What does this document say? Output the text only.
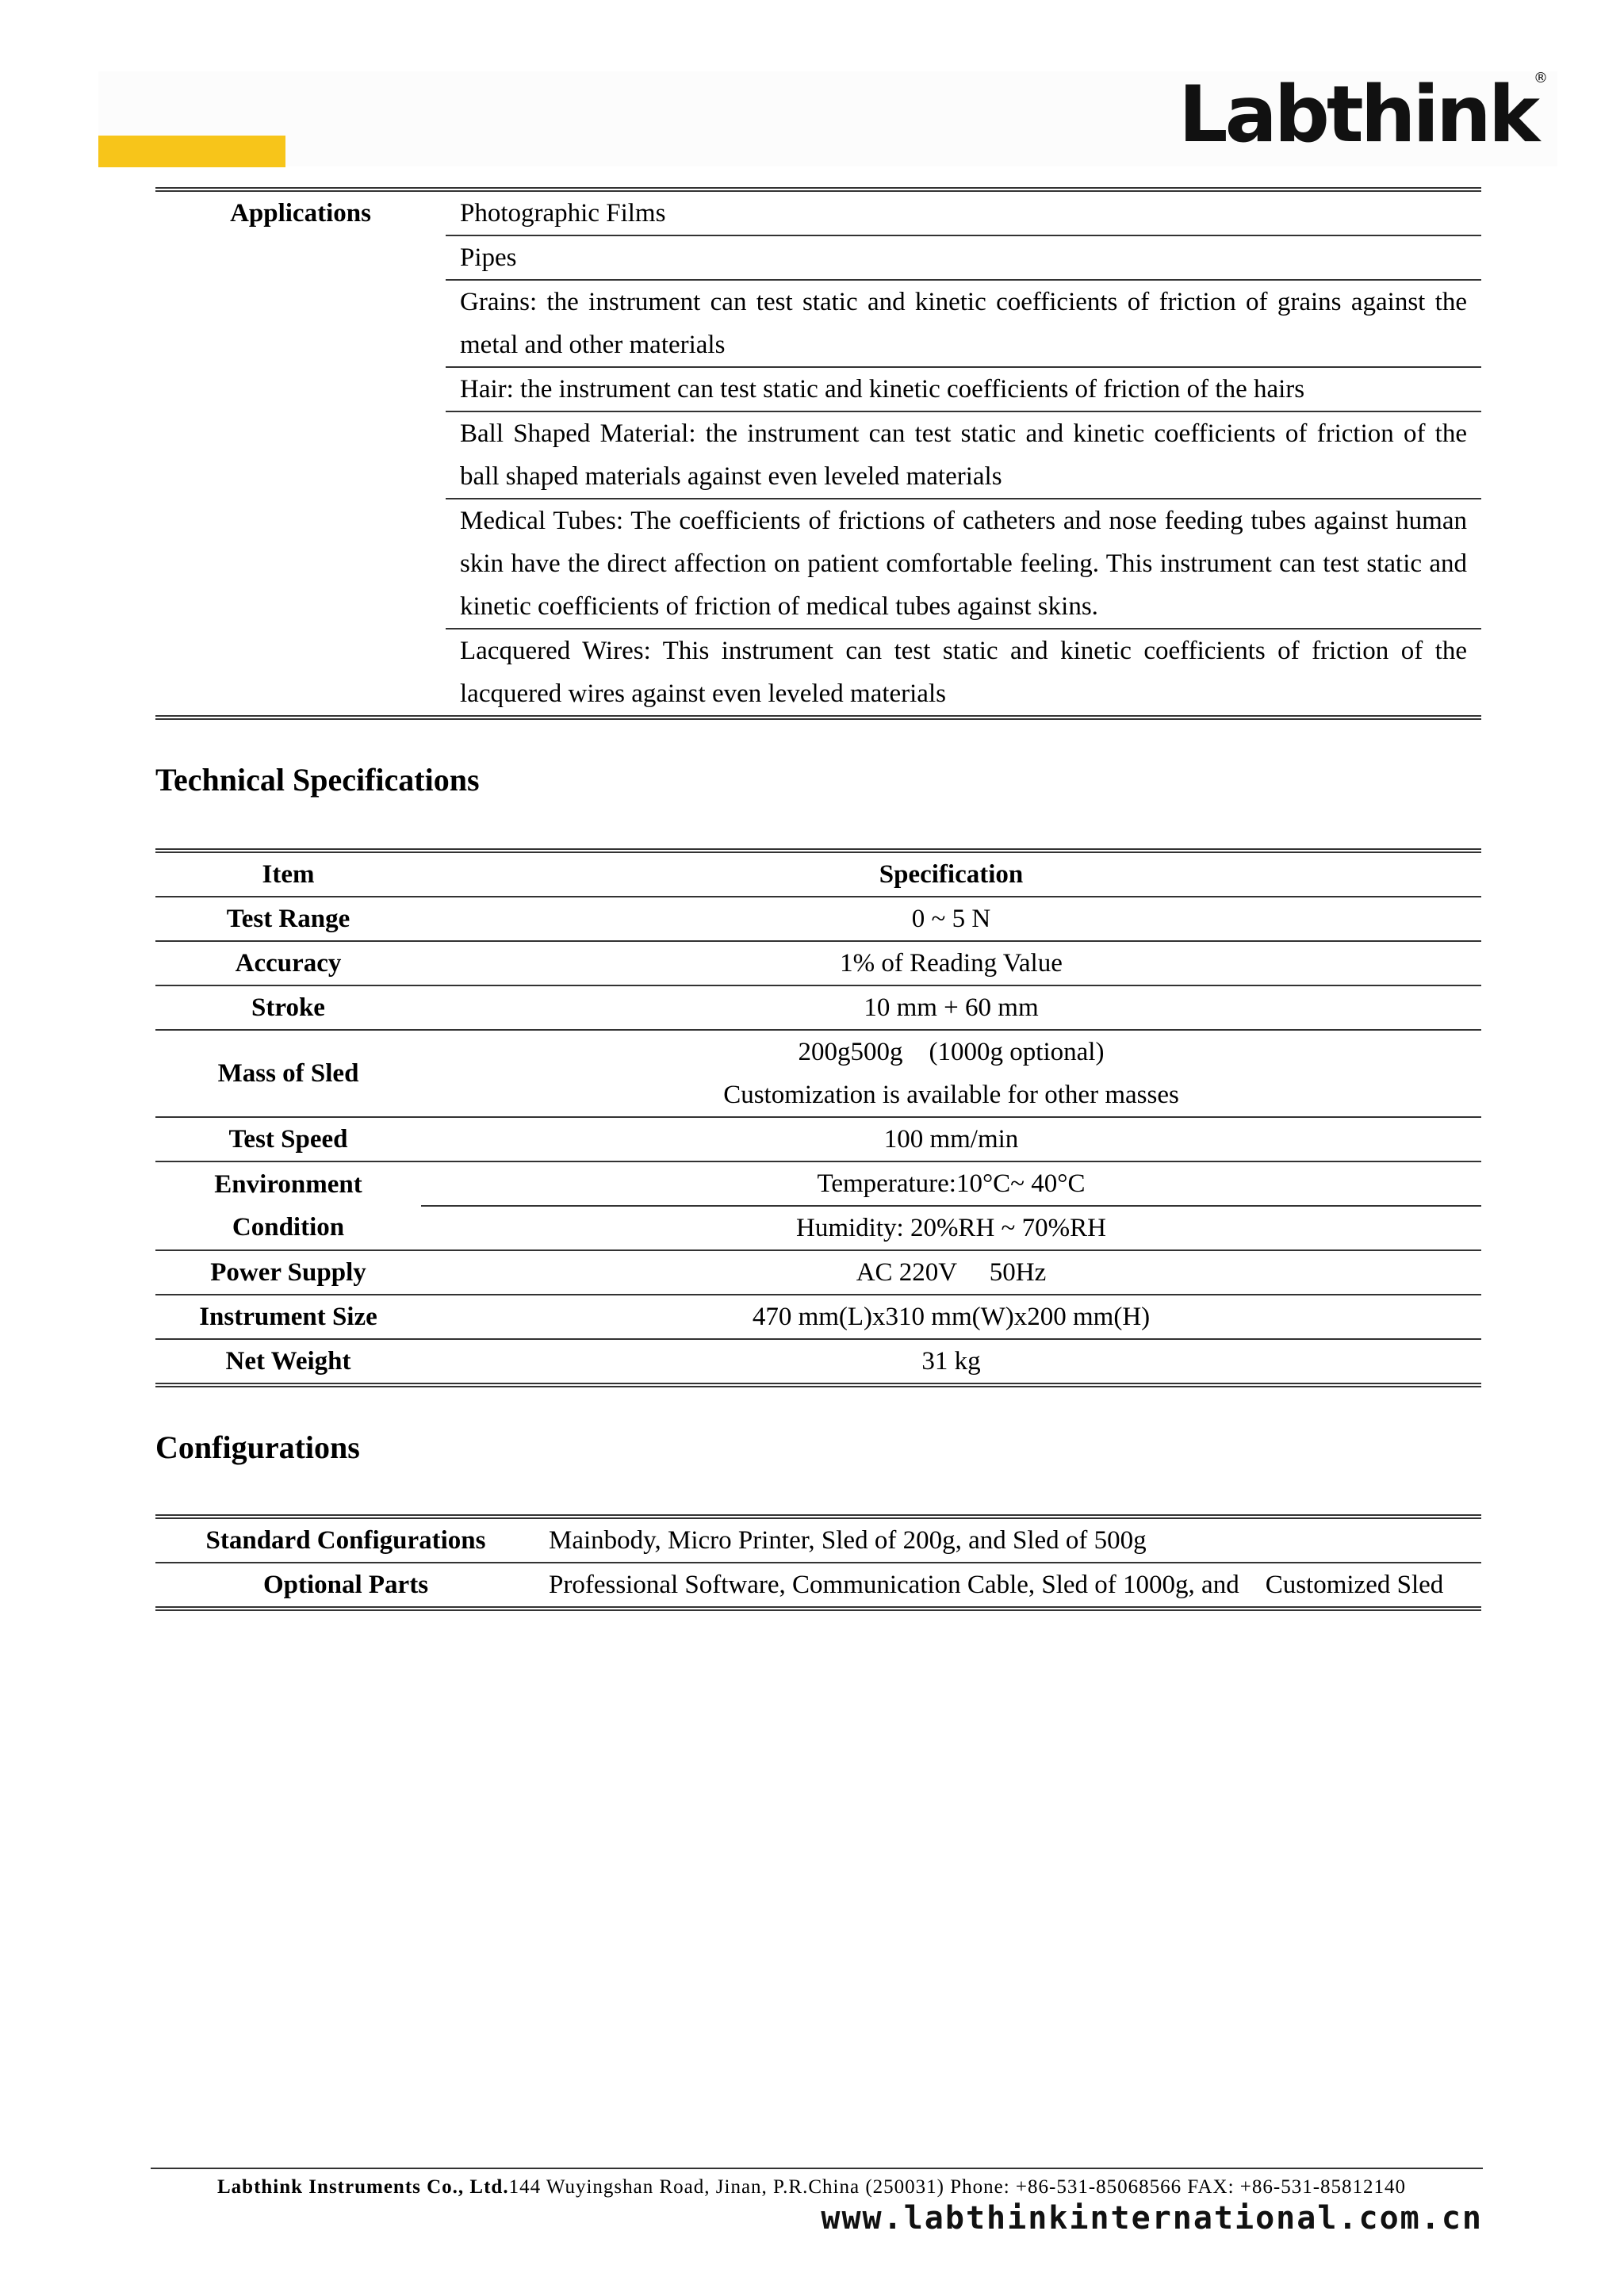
Labthink
®
Applications	Photographic Films
Pipes
Grains: the instrument can test static and kinetic coefficients of friction of grains against the metal and other materials
Hair: the instrument can test static and kinetic coefficients of friction of the hairs
Ball Shaped Material: the instrument can test static and kinetic coefficients of friction of the ball shaped materials against even leveled materials
Medical Tubes: The coefficients of frictions of catheters and nose feeding tubes against human skin have the direct affection on patient comfortable feeling. This instrument can test static and kinetic coefficients of friction of medical tubes against skins.
Lacquered Wires: This instrument can test static and kinetic coefficients of friction of the lacquered wires against even leveled materials
Technical Specifications
Item	Specification
Test Range	0 ~ 5 N
Accuracy	1% of Reading Value
Stroke	10 mm + 60 mm
Mass of Sled	200g500g　(1000g optional)
Customization is available for other masses

Test Speed	100 mm/min

Environment
Condition	Temperature:10°C~ 40°C
	Humidity: 20%RH ~ 70%RH
Power Supply	AC 220V　 50Hz
Instrument Size	470 mm(L)x310 mm(W)x200 mm(H)
Net Weight	31 kg
Configurations
Standard Configurations	Mainbody, Micro Printer, Sled of 200g, and Sled of 500g
Optional Parts	Professional Software, Communication Cable, Sled of 1000g, and　Customized Sled
Labthink Instruments Co., Ltd.144 Wuyingshan Road, Jinan, P.R.China (250031) Phone: +86-531-85068566 FAX: +86-531-85812140
www.labthinkinternational.com.cn
